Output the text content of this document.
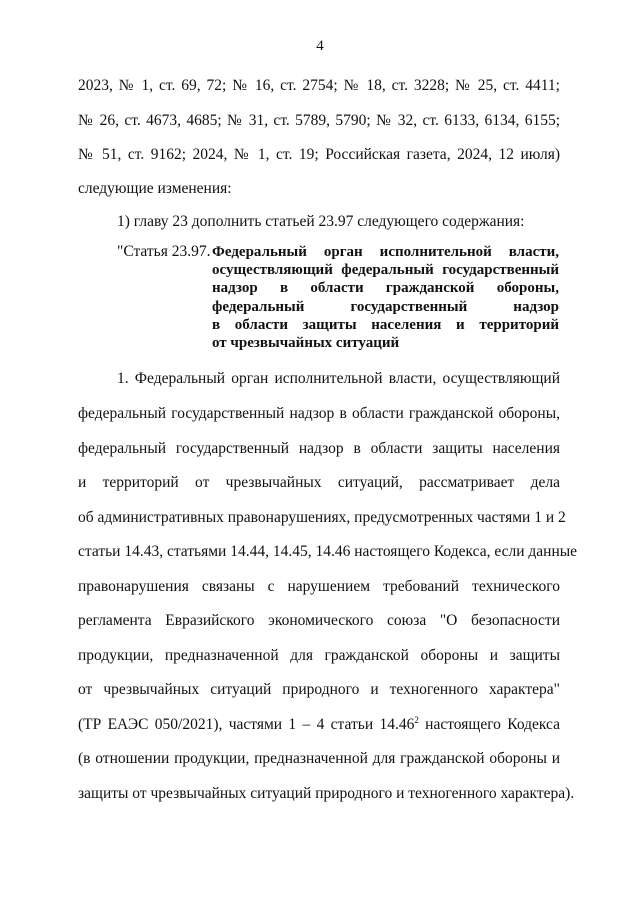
4
2023, № 1, ст. 69, 72; № 16, ст. 2754; № 18, ст. 3228; № 25, ст. 4411;
№ 26, ст. 4673, 4685; № 31, ст. 5789, 5790; № 32, ст. 6133, 6134, 6155;
№ 51, ст. 9162; 2024, № 1, ст. 19; Российская газета, 2024, 12 июля)
следующие изменения:
1) главу 23 дополнить статьей 23.97 следующего содержания:
"Статья 23.97. Федеральный орган исполнительной власти,
осуществляющий федеральный государственный
надзор в области гражданской обороны,
федеральный государственный надзор
в области защиты населения и территорий
от чрезвычайных ситуаций
1. Федеральный орган исполнительной власти, осуществляющий
федеральный государственный надзор в области гражданской обороны,
федеральный государственный надзор в области защиты населения
и территорий от чрезвычайных ситуаций, рассматривает дела
об административных правонарушениях, предусмотренных частями 1 и 2
статьи 14.43, статьями 14.44, 14.45, 14.46 настоящего Кодекса, если данные
правонарушения связаны с нарушением требований технического
регламента Евразийского экономического союза "О безопасности
продукции, предназначенной для гражданской обороны и защиты
от чрезвычайных ситуаций природного и техногенного характера"
(ТР ЕАЭС 050/2021), частями 1 – 4 статьи 14.46$^2$ настоящего Кодекса
(в отношении продукции, предназначенной для гражданской обороны и
защиты от чрезвычайных ситуаций природного и техногенного характера).
